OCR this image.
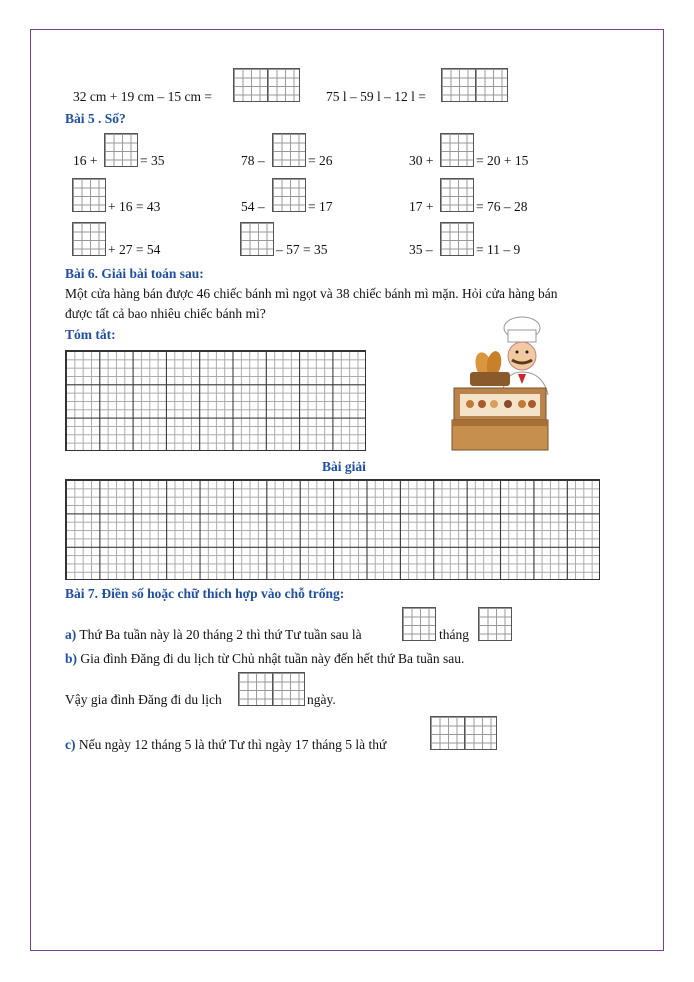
32 cm + 19 cm – 15 cm =	75 l – 59 l – 12 l =
Bài 5 . Số?
16 +	= 35	78 –	= 26	30 +	= 20 + 15
+ 16 = 43	54 –	= 17	17 +	= 76 – 28
+ 27 = 54	– 57 = 35	35 –	= 11 – 9
Bài 6. Giải bài toán sau:
Một cửa hàng bán được 46 chiếc bánh mì ngọt và 38 chiếc bánh mì mặn. Hỏi cửa hàng bán
được tất cả bao nhiêu chiếc bánh mì?
Tóm tắt:
Bài giải
Bài 7. Điền số hoặc chữ thích hợp vào chỗ trống:
a) Thứ Ba tuần này là 20 tháng 2 thì thứ Tư tuần sau là	tháng
b) Gia đình Đăng đi du lịch từ Chủ nhật tuần này đến hết thứ Ba tuần sau.
Vậy gia đình Đăng đi du lịch	ngày.
c) Nếu ngày 12 tháng 5 là thứ Tư thì ngày 17 tháng 5 là thứ
